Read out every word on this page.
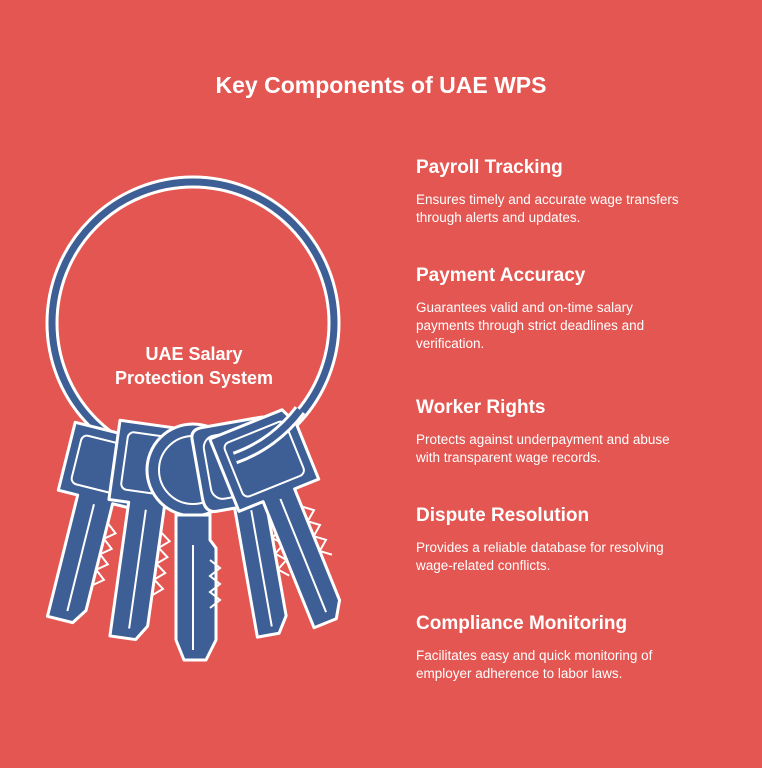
Key Components of UAE WPS
UAE Salary
Protection System
Payroll Tracking

Ensures timely and accurate wage transfers
through alerts and updates.

Payment Accuracy

Guarantees valid and on-time salary
payments through strict deadlines and
verification.

Worker Rights

Protects against underpayment and abuse
with transparent wage records.

Dispute Resolution

Provides a reliable database for resolving
wage-related conflicts.

Compliance Monitoring

Facilitates easy and quick monitoring of
employer adherence to labor laws.
